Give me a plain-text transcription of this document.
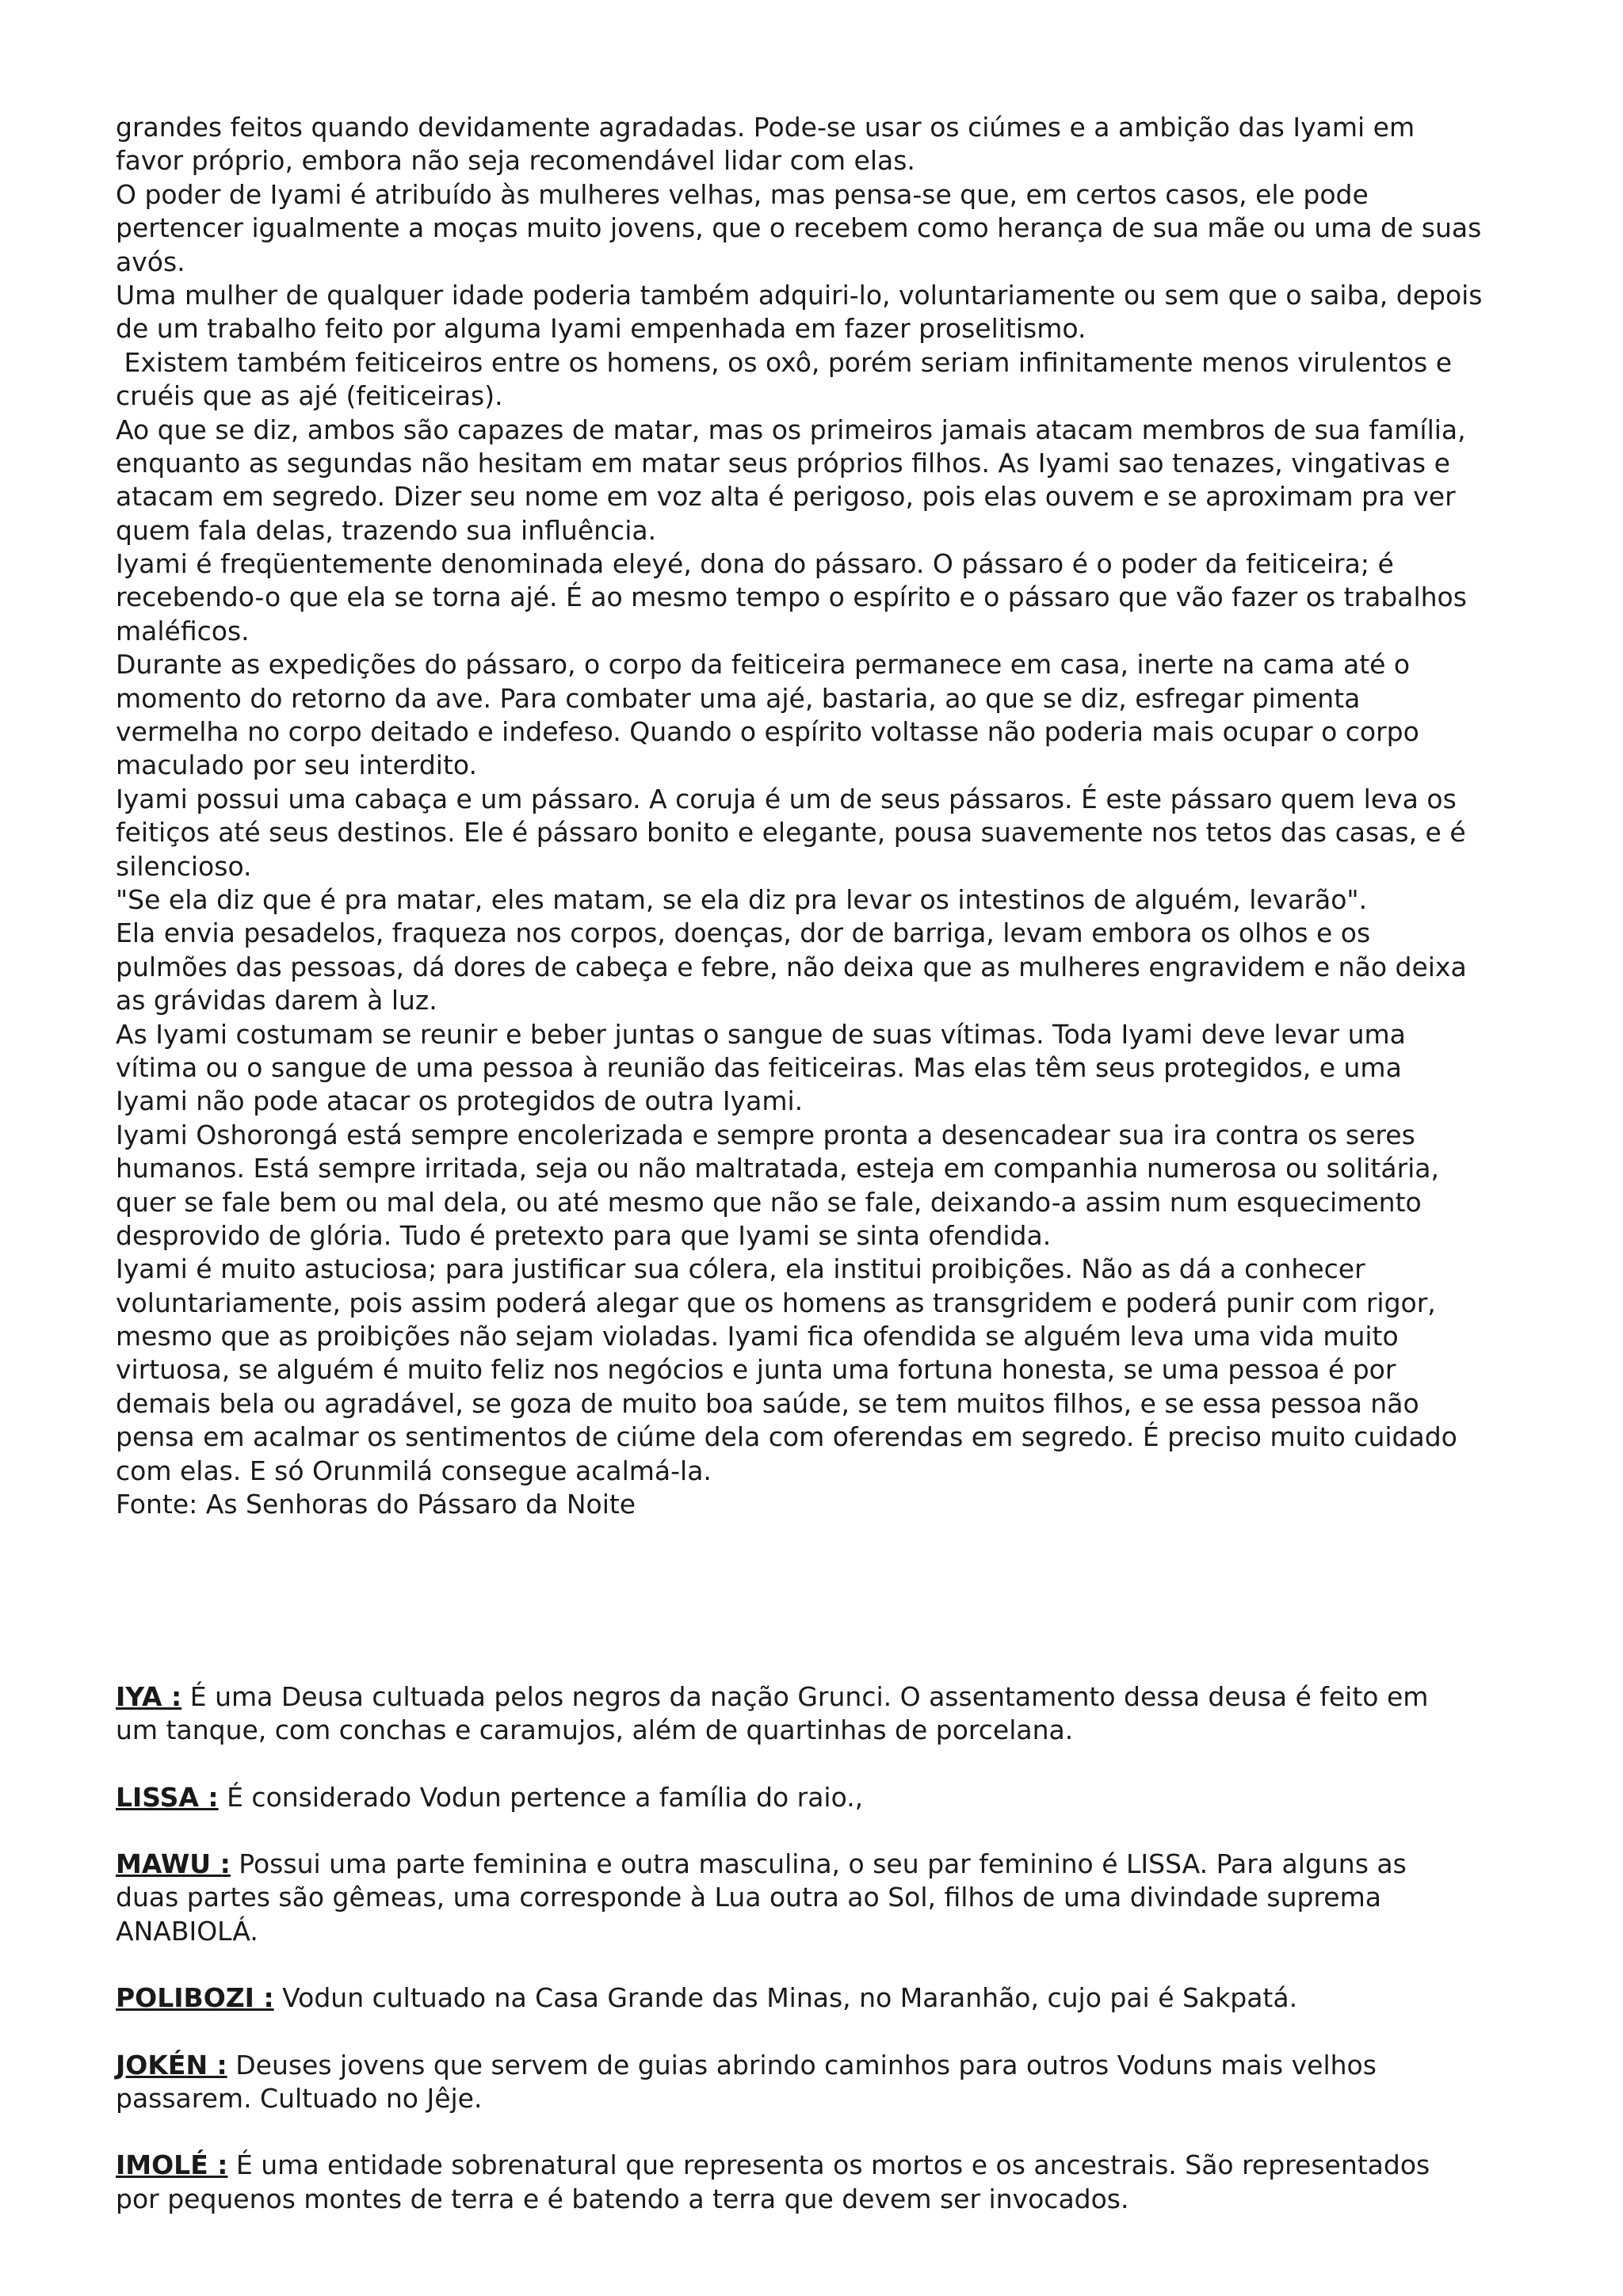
grandes feitos quando devidamente agradadas. Pode-se usar os ciúmes e a ambição das Iyami em
favor próprio, embora não seja recomendável lidar com elas.
O poder de Iyami é atribuído às mulheres velhas, mas pensa-se que, em certos casos, ele pode
pertencer igualmente a moças muito jovens, que o recebem como herança de sua mãe ou uma de suas
avós.
Uma mulher de qualquer idade poderia também adquiri-lo, voluntariamente ou sem que o saiba, depois
de um trabalho feito por alguma Iyami empenhada em fazer proselitismo.
Existem também feiticeiros entre os homens, os oxô, porém seriam infinitamente menos virulentos e
cruéis que as ajé (feiticeiras).
Ao que se diz, ambos são capazes de matar, mas os primeiros jamais atacam membros de sua família,
enquanto as segundas não hesitam em matar seus próprios filhos. As Iyami sao tenazes, vingativas e
atacam em segredo. Dizer seu nome em voz alta é perigoso, pois elas ouvem e se aproximam pra ver
quem fala delas, trazendo sua influência.
Iyami é freqüentemente denominada eleyé, dona do pássaro. O pássaro é o poder da feiticeira; é
recebendo-o que ela se torna ajé. É ao mesmo tempo o espírito e o pássaro que vão fazer os trabalhos
maléficos.
Durante as expedições do pássaro, o corpo da feiticeira permanece em casa, inerte na cama até o
momento do retorno da ave. Para combater uma ajé, bastaria, ao que se diz, esfregar pimenta
vermelha no corpo deitado e indefeso. Quando o espírito voltasse não poderia mais ocupar o corpo
maculado por seu interdito.
Iyami possui uma cabaça e um pássaro. A coruja é um de seus pássaros. É este pássaro quem leva os
feitiços até seus destinos. Ele é pássaro bonito e elegante, pousa suavemente nos tetos das casas, e é
silencioso.
"Se ela diz que é pra matar, eles matam, se ela diz pra levar os intestinos de alguém, levarão".
Ela envia pesadelos, fraqueza nos corpos, doenças, dor de barriga, levam embora os olhos e os
pulmões das pessoas, dá dores de cabeça e febre, não deixa que as mulheres engravidem e não deixa
as grávidas darem à luz.
As Iyami costumam se reunir e beber juntas o sangue de suas vítimas. Toda Iyami deve levar uma
vítima ou o sangue de uma pessoa à reunião das feiticeiras. Mas elas têm seus protegidos, e uma
Iyami não pode atacar os protegidos de outra Iyami.
Iyami Oshorongá está sempre encolerizada e sempre pronta a desencadear sua ira contra os seres
humanos. Está sempre irritada, seja ou não maltratada, esteja em companhia numerosa ou solitária,
quer se fale bem ou mal dela, ou até mesmo que não se fale, deixando-a assim num esquecimento
desprovido de glória. Tudo é pretexto para que Iyami se sinta ofendida.
Iyami é muito astuciosa; para justificar sua cólera, ela institui proibições. Não as dá a conhecer
voluntariamente, pois assim poderá alegar que os homens as transgridem e poderá punir com rigor,
mesmo que as proibições não sejam violadas. Iyami fica ofendida se alguém leva uma vida muito
virtuosa, se alguém é muito feliz nos negócios e junta uma fortuna honesta, se uma pessoa é por
demais bela ou agradável, se goza de muito boa saúde, se tem muitos filhos, e se essa pessoa não
pensa em acalmar os sentimentos de ciúme dela com oferendas em segredo. É preciso muito cuidado
com elas. E só Orunmilá consegue acalmá-la.
Fonte: As Senhoras do Pássaro da Noite
IYA : É uma Deusa cultuada pelos negros da nação Grunci. O assentamento dessa deusa é feito em
um tanque, com conchas e caramujos, além de quartinhas de porcelana.
LISSA : É considerado Vodun pertence a família do raio.,
MAWU : Possui uma parte feminina e outra masculina, o seu par feminino é LISSA. Para alguns as
duas partes são gêmeas, uma corresponde à Lua outra ao Sol, filhos de uma divindade suprema
ANABIOLÁ.
POLIBOZI : Vodun cultuado na Casa Grande das Minas, no Maranhão, cujo pai é Sakpatá.
JOKÉN : Deuses jovens que servem de guias abrindo caminhos para outros Voduns mais velhos
passarem. Cultuado no Jêje.
IMOLÉ : É uma entidade sobrenatural que representa os mortos e os ancestrais. São representados
por pequenos montes de terra e é batendo a terra que devem ser invocados.
